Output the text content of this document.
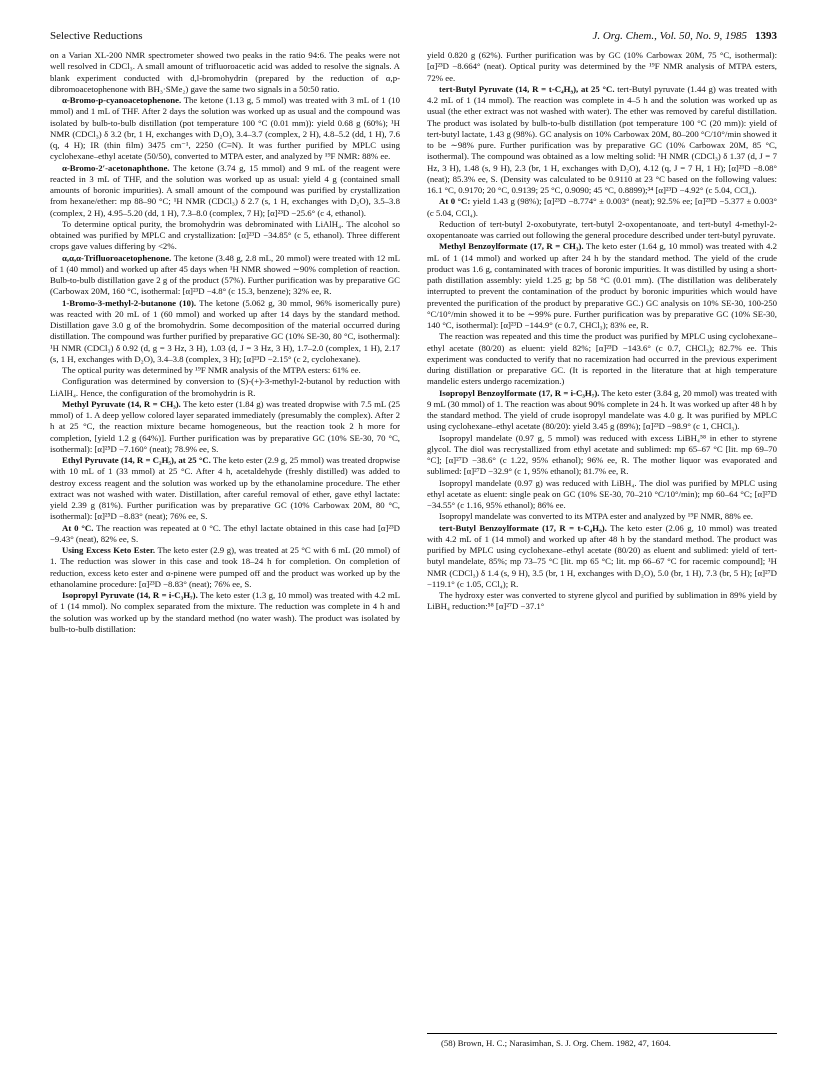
Selective Reductions	J. Org. Chem., Vol. 50, No. 9, 1985 1393

on a Varian XL-200 NMR spectrometer showed two peaks in the ratio 94:6. The peaks were not well resolved in CDCl₃. A small amount of trifluoroacetic acid was added to resolve the signals. A blank experiment conducted with d,l-bromohydrin (prepared by the reduction of α,p-dibromoacetophenone with BH₃·SMe₂) gave the same two signals in a 50:50 ratio.

α-Bromo-p-cyanoacetophenone. The ketone (1.13 g, 5 mmol) was treated with 3 mL of 1 (10 mmol) and 1 mL of THF. After 2 days the solution was worked up as usual and the compound was isolated by bulb-to-bulb distillation (pot temperature 100 °C (0.01 mm)): yield 0.68 g (60%); ¹H NMR (CDCl₃) δ 3.2 (br, 1 H, exchanges with D₂O), 3.4–3.7 (complex, 2 H), 4.8–5.2 (dd, 1 H), 7.6 (q, 4 H); IR (thin film) 3475 cm⁻¹, 2250 (C≡N). It was further purified by MPLC using cyclohexane–ethyl acetate (50/50), converted to MTPA ester, and analyzed by ¹⁹F NMR: 88% ee.

α-Bromo-2′-acetonaphthone. The ketone (3.74 g, 15 mmol) and 9 mL of the reagent were reacted in 3 mL of THF, and the solution was worked up as usual: yield 4 g (contained small amounts of boronic impurities). A small amount of the compound was purified by crystallization from hexane/ether: mp 88–90 °C; ¹H NMR (CDCl₃) δ 2.7 (s, 1 H, exchanges with D₂O), 3.5–3.8 (complex, 2 H), 4.95–5.20 (dd, 1 H), 7.3–8.0 (complex, 7 H); [α]²³D −25.6° (c 4, ethanol).

To determine optical purity, the bromohydrin was debrominated with LiAlH₄. The alcohol so obtained was purified by MPLC and crystallization: [α]²³D −34.85° (c 5, ethanol). Three different crops gave values differing by <2%.

α,α,α-Trifluoroacetophenone. The ketone (3.48 g, 2.8 mL, 20 mmol) were treated with 12 mL of 1 (40 mmol) and worked up after 45 days when ¹H NMR showed ∼90% completion of reaction. Bulb-to-bulb distillation gave 2 g of the product (57%). Further purification was by preparative GC (Carbowax 20M, 160 °C, isothermal: [α]²³D −4.8° (c 15.3, benzene); 32% ee, R.

1-Bromo-3-methyl-2-butanone (10). The ketone (5.062 g, 30 mmol, 96% isomerically pure) was reacted with 20 mL of 1 (60 mmol) and worked up after 14 days by the standard method. Distillation gave 3.0 g of the bromohydrin. Some decomposition of the material occurred during distillation. The compound was further purified by preparative GC (10% SE-30, 80 °C, isothermal): ¹H NMR (CDCl₃) δ 0.92 (d, g = 3 Hz, 3 H), 1.03 (d, J = 3 Hz, 3 H), 1.7–2.0 (complex, 1 H), 2.17 (s, 1 H, exchanges with D₂O), 3.4–3.8 (complex, 3 H); [α]²³D −2.15° (c 2, cyclohexane).

The optical purity was determined by ¹⁹F NMR analysis of the MTPA esters: 61% ee.

Configuration was determined by conversion to (S)-(+)-3-methyl-2-butanol by reduction with LiAlH₄. Hence, the configuration of the bromohydrin is R.

Methyl Pyruvate (14, R = CH₃). The keto ester (1.84 g) was treated dropwise with 7.5 mL (25 mmol) of 1. A deep yellow colored layer separated immediately (presumably the complex). After 2 h at 25 °C, the reaction mixture became homogeneous, but the reaction took 2 h more for completion, [yield 1.2 g (64%)]. Further purification was by preparative GC (10% SE-30, 70 °C, isothermal): [α]²⁵D −7.160° (neat); 78.9% ee, S.

Ethyl Pyruvate (14, R = C₂H₅), at 25 °C. The keto ester (2.9 g, 25 mmol) was treated dropwise with 10 mL of 1 (33 mmol) at 25 °C. After 4 h, acetaldehyde (freshly distilled) was added to destroy excess reagent and the solution was worked up by the ethanolamine procedure. The ether extract was not washed with water. Distillation, after careful removal of ether, gave ethyl lactate: yield 2.39 g (81%). Further purification was by preparative GC (10% Carbowax 20M, 80 °C, isothermal): [α]²⁵D −8.83° (neat); 76% ee, S.

At 0 °C. The reaction was repeated at 0 °C. The ethyl lactate obtained in this case had [α]²³D −9.43° (neat), 82% ee, S.

Using Excess Keto Ester. The keto ester (2.9 g), was treated at 25 °C with 6 mL (20 mmol) of 1. The reduction was slower in this case and took 18–24 h for completion. On completion of reduction, excess keto ester and α-pinene were pumped off and the product was worked up by the ethanolamine procedure: [α]²³D −8.83° (neat); 76% ee, S.

Isopropyl Pyruvate (14, R = i-C₃H₇). The keto ester (1.3 g, 10 mmol) was treated with 4.2 mL of 1 (14 mmol). No complex separated from the mixture. The reduction was complete in 4 h and the solution was worked up by the standard method (no water wash). The product was isolated by bulb-to-bulb distillation:

yield 0.820 g (62%). Further purification was by GC (10% Carbowax 20M, 75 °C, isothermal): [α]²³D −8.664° (neat). Optical purity was determined by the ¹⁹F NMR analysis of MTPA esters, 72% ee.

tert-Butyl Pyruvate (14, R = t-C₄H₉), at 25 °C. tert-Butyl pyruvate (1.44 g) was treated with 4.2 mL of 1 (14 mmol). The reaction was complete in 4–5 h and the solution was worked up as usual (the ether extract was not washed with water). The ether was removed by careful distillation. The product was isolated by bulb-to-bulb distillation (pot temperature 100 °C (20 mm)): yield of tert-butyl lactate, 1.43 g (98%). GC analysis on 10% Carbowax 20M, 80–200 °C/10°/min showed it to be ∼98% pure. Further purification was by preparative GC (10% Carbowax 20M, 85 °C, isothermal). The compound was obtained as a low melting solid: ¹H NMR (CDCl₃) δ 1.37 (d, J = 7 Hz, 3 H), 1.48 (s, 9 H), 2.3 (br, 1 H, exchanges with D₂O), 4.12 (q, J = 7 H, 1 H); [α]²³D −8.08° (neat); 85.3% ee, S. (Density was calculated to be 0.9110 at 23 °C based on the following values: 16.1 °C, 0.9170; 20 °C, 0.9139; 25 °C, 0.9090; 45 °C, 0.8899);³⁴ [α]²³D −4.92° (c 5.04, CCl₄).

At 0 °C: yield 1.43 g (98%); [α]²³D −8.774° ± 0.003° (neat); 92.5% ee; [α]²³D −5.377 ± 0.003° (c 5.04, CCl₄).

Reduction of tert-butyl 2-oxobutyrate, tert-butyl 2-oxopentanoate, and tert-butyl 4-methyl-2-oxopentanoate was carried out following the general procedure described under tert-butyl pyruvate.

Methyl Benzoylformate (17, R = CH₃). The keto ester (1.64 g, 10 mmol) was treated with 4.2 mL of 1 (14 mmol) and worked up after 24 h by the standard method. The yield of the crude product was 1.6 g, contaminated with traces of boronic impurities. It was distilled by using a short-path distillation assembly: yield 1.25 g; bp 58 °C (0.01 mm). (The distillation was deliberately interrupted to prevent the contamination of the product by boronic impurities which would have prevented the purification of the product by preparative GC.) GC analysis on 10% SE-30, 100-250 °C/10°/min showed it to be ∼99% pure. Further purification was by preparative GC (10% SE-30, 140 °C, isothermal): [α]²³D −144.9° (c 0.7, CHCl₃); 83% ee, R.

The reaction was repeated and this time the product was purified by MPLC using cyclohexane–ethyl acetate (80/20) as eluent: yield 82%; [α]²³D −143.6° (c 0.7, CHCl₃); 82.7% ee. This experiment was conducted to verify that no racemization had occurred in the previous experiment during distillation or preparative GC. (It is reported in the literature that at high temperature mandelic esters undergo racemization.)

Isopropyl Benzoylformate (17, R = i-C₃H₇). The keto ester (3.84 g, 20 mmol) was treated with 9 mL (30 mmol) of 1. The reaction was about 90% complete in 24 h. It was worked up after 48 h by the standard method. The yield of crude isopropyl mandelate was 4.0 g. It was purified by MPLC using cyclohexane–ethyl acetate (80/20): yield 3.45 g (89%); [α]²³D −98.9° (c 1, CHCl₃).

Isopropyl mandelate (0.97 g, 5 mmol) was reduced with excess LiBH₄⁵⁸ in ether to styrene glycol. The diol was recrystallized from ethyl acetate and sublimed: mp 65–67 °C [lit. mp 69–70 °C]; [α]²⁷D −38.6° (c 1.22, 95% ethanol); 96% ee, R. The mother liquor was evaporated and sublimed: [α]²⁷D −32.9° (c 1, 95% ethanol); 81.7% ee, R.

Isopropyl mandelate (0.97 g) was reduced with LiBH₄. The diol was purified by MPLC using ethyl acetate as eluent: single peak on GC (10% SE-30, 70–210 °C/10°/min); mp 60–64 °C; [α]²⁷D −34.55° (c 1.16, 95% ethanol); 86% ee.

Isopropyl mandelate was converted to its MTPA ester and analyzed by ¹⁹F NMR, 88% ee.

tert-Butyl Benzoylformate (17, R = t-C₄H₉). The keto ester (2.06 g, 10 mmol) was treated with 4.2 mL of 1 (14 mmol) and worked up after 48 h by the standard method. The product was purified by MPLC using cyclohexane–ethyl acetate (80/20) as eluent and sublimed: yield of tert-butyl mandelate, 85%; mp 73–75 °C [lit. mp 65 °C; lit. mp 66–67 °C for racemic compound]; ¹H NMR (CDCl₃) δ 1.4 (s, 9 H), 3.5 (br, 1 H, exchanges with D₂O), 5.0 (br, 1 H), 7.3 (br, 5 H); [α]²⁷D −119.1° (c 1.05, CCl₄); R.

The hydroxy ester was converted to styrene glycol and purified by sublimation in 89% yield by LiBH₄ reduction:⁵⁸ [α]²⁷D −37.1°

(58) Brown, H. C.; Narasimhan, S. J. Org. Chem. 1982, 47, 1604.
